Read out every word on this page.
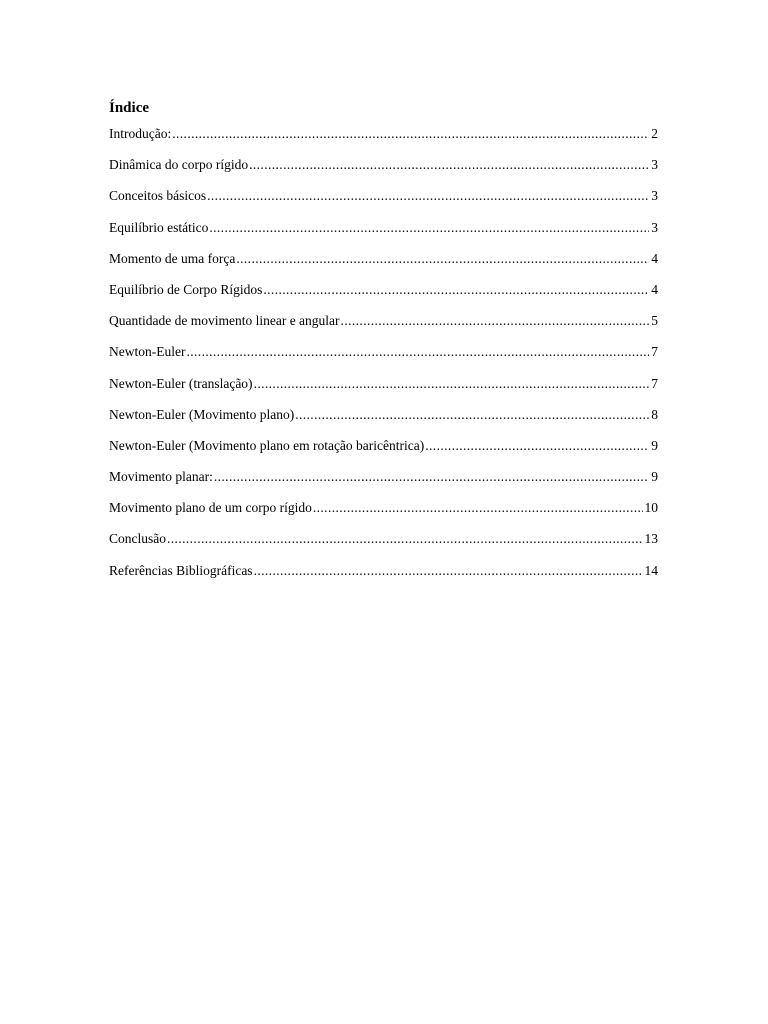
Índice
Introdução: .....	2
Dinâmica do corpo rígido .....	3
Conceitos básicos .....	3
Equilíbrio estático .....	3
Momento de uma força .....	4
Equilíbrio de Corpo Rígidos .....	4
Quantidade de movimento linear e angular .....	5
Newton-Euler .....	7
Newton-Euler (translação) .....	7
Newton-Euler (Movimento plano) .....	8
Newton-Euler (Movimento plano em rotação baricêntrica) .....	9
Movimento planar: .....	9
Movimento plano de um corpo rígido .....	10
Conclusão .....	13
Referências Bibliográficas .....	14
